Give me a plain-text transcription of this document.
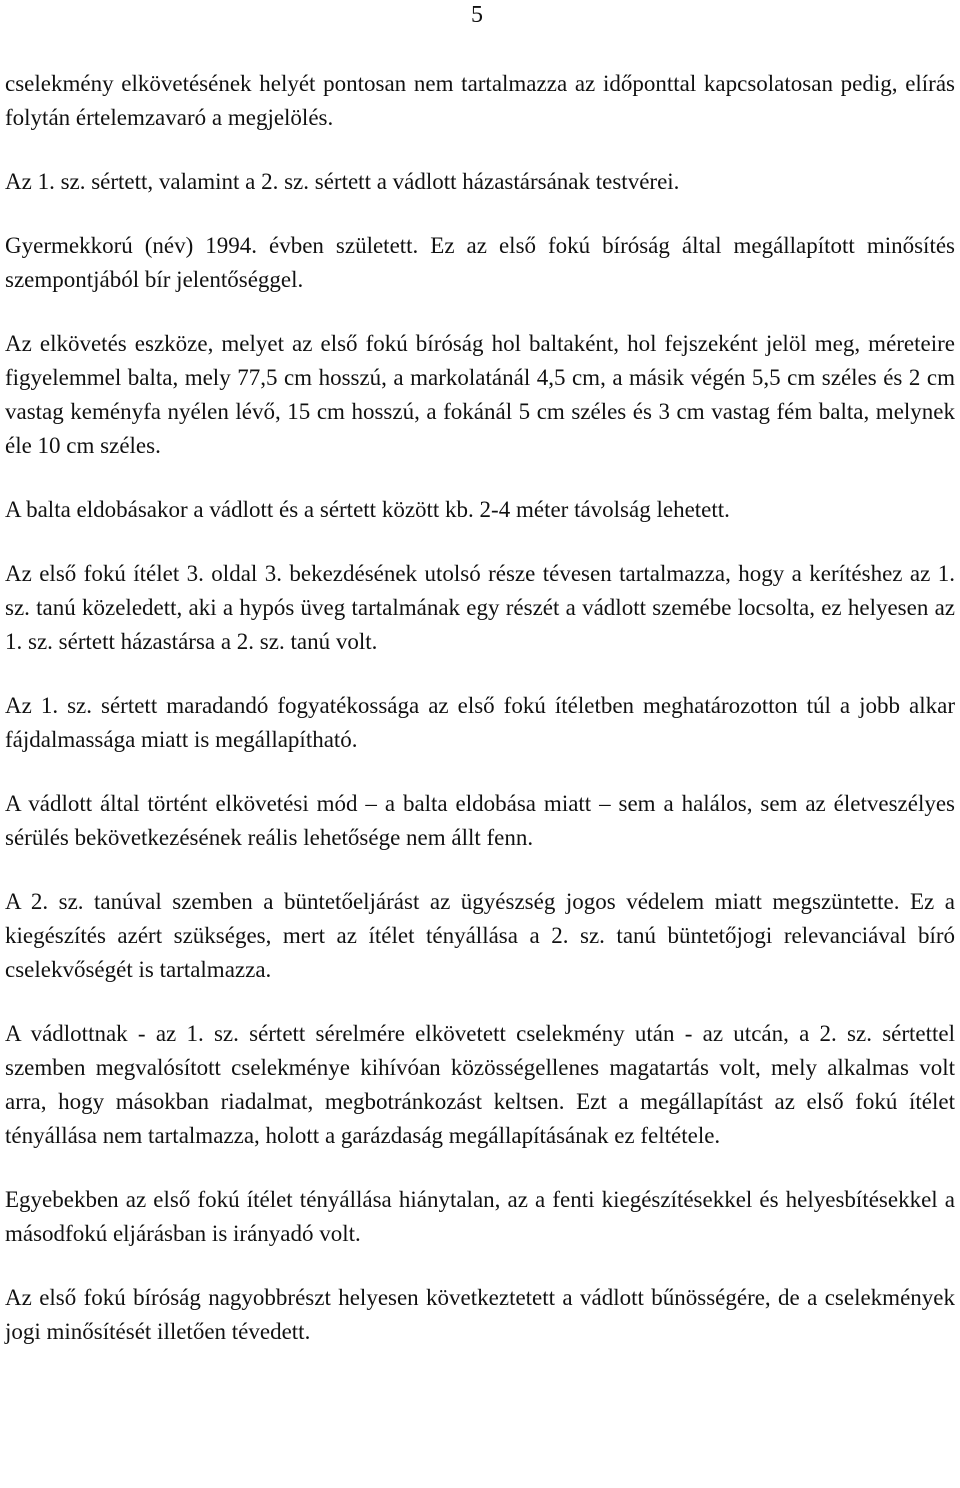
5

cselekmény elkövetésének helyét pontosan nem tartalmazza az időponttal kapcsolatosan pedig, elírás folytán értelemzavaró a megjelölés.

Az 1. sz. sértett, valamint a 2. sz. sértett a vádlott házastársának testvérei.

Gyermekkorú (név) 1994. évben született. Ez az első fokú bíróság által megállapított minősítés szempontjából bír jelentőséggel.

Az elkövetés eszköze, melyet az első fokú bíróság hol baltaként, hol fejszeként jelöl meg, méreteire figyelemmel balta, mely 77,5 cm hosszú, a markolatánál 4,5 cm, a másik végén 5,5 cm széles és 2 cm vastag keményfa nyélen lévő, 15 cm hosszú, a fokánál 5 cm széles és 3 cm vastag fém balta, melynek éle 10 cm széles.

A balta eldobásakor a vádlott és a sértett között kb. 2-4 méter távolság lehetett.

Az első fokú ítélet 3. oldal 3. bekezdésének utolsó része tévesen tartalmazza, hogy a kerítéshez az 1. sz. tanú közeledett, aki a hypós üveg tartalmának egy részét a vádlott szemébe locsolta, ez helyesen az 1. sz. sértett házastársa a 2. sz. tanú volt.

Az 1. sz. sértett maradandó fogyatékossága az első fokú ítéletben meghatározotton túl a jobb alkar fájdalmassága miatt is megállapítható.

A vádlott által történt elkövetési mód – a balta eldobása miatt – sem a halálos, sem az életveszélyes sérülés bekövetkezésének reális lehetősége nem állt fenn.

A 2. sz. tanúval szemben a büntetőeljárást az ügyészség jogos védelem miatt megszüntette. Ez a kiegészítés azért szükséges, mert az ítélet tényállása a 2. sz. tanú büntetőjogi relevanciával bíró cselekvőségét is tartalmazza.

A vádlottnak - az 1. sz. sértett sérelmére elkövetett cselekmény után - az utcán, a 2. sz. sértettel szemben megvalósított cselekménye kihívóan közösségellenes magatartás volt, mely alkalmas volt arra, hogy másokban riadalmat, megbotránkozást keltsen. Ezt a megállapítást az első fokú ítélet tényállása nem tartalmazza, holott a garázdaság megállapításának ez feltétele.

Egyebekben az első fokú ítélet tényállása hiánytalan, az a fenti kiegészítésekkel és helyesbítésekkel a másodfokú eljárásban is irányadó volt.

Az első fokú bíróság nagyobbrészt helyesen következtetett a vádlott bűnösségére, de a cselekmények jogi minősítését illetően tévedett.
